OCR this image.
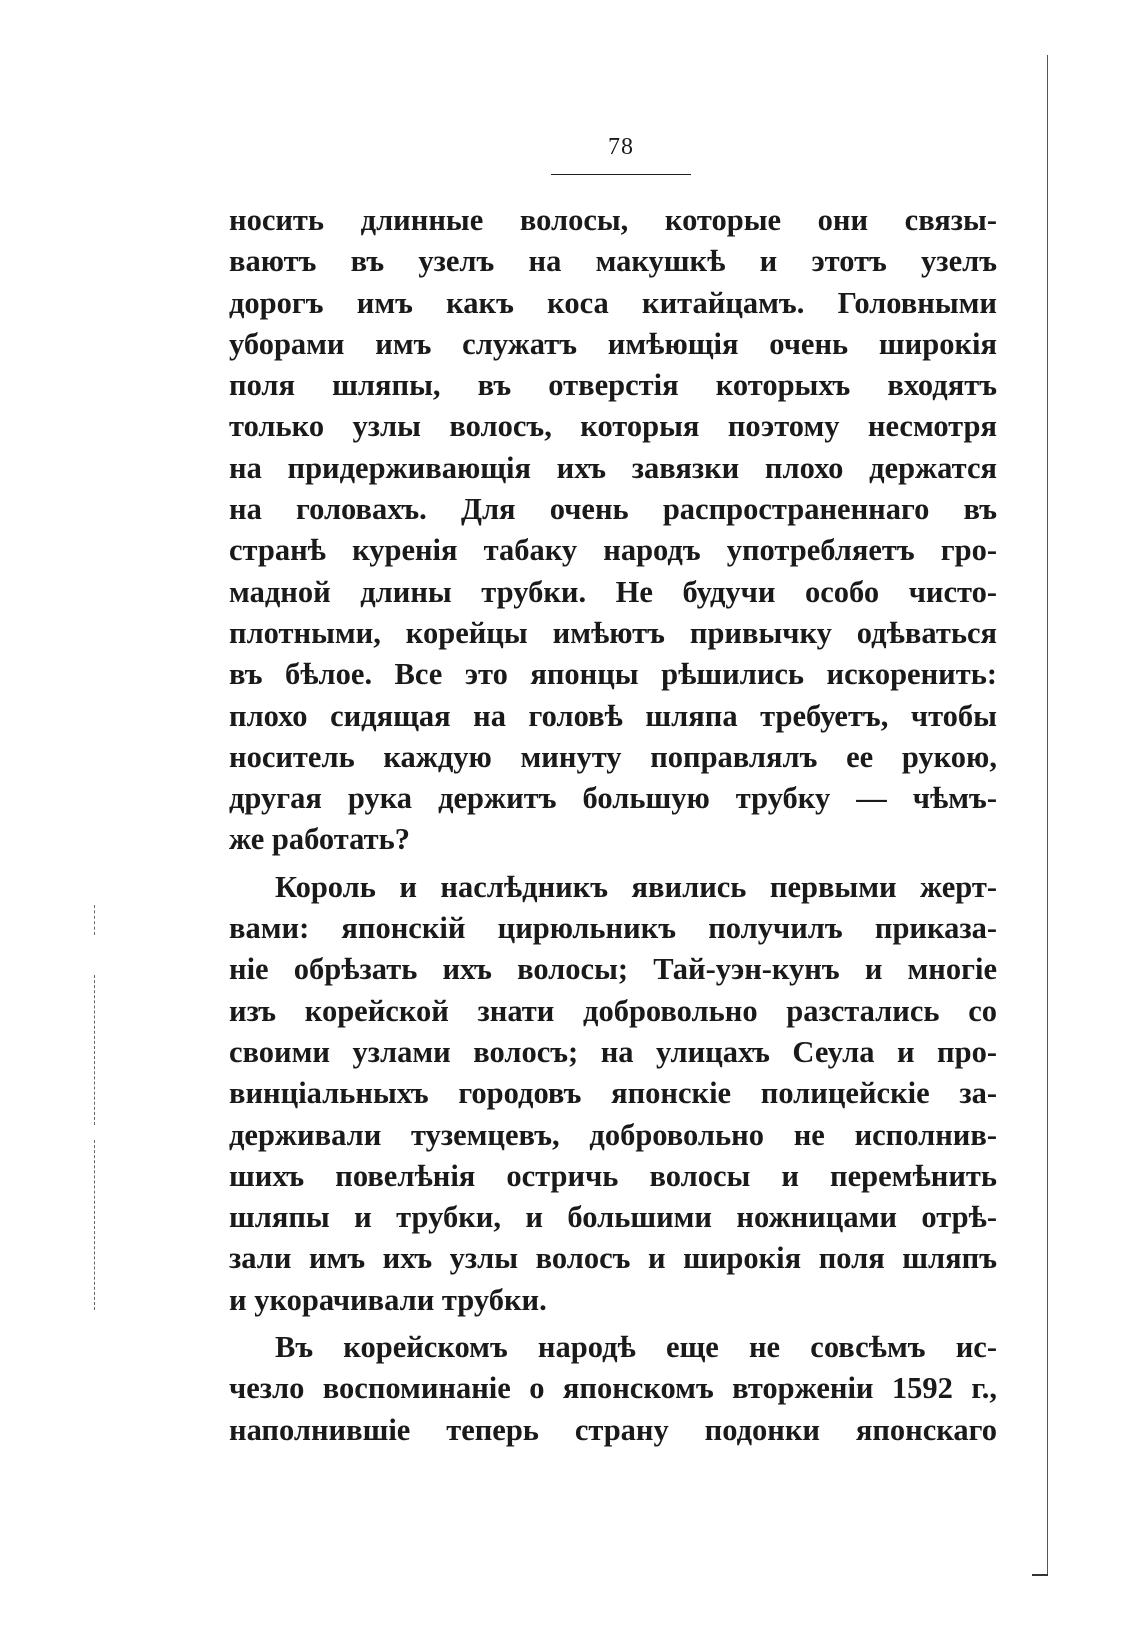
78
носить длинные волосы, которые они связы-
ваютъ въ узелъ на макушкѣ и этотъ узелъ
дорогъ имъ какъ коса китайцамъ. Головными
уборами имъ служатъ имѣющія очень широкія
поля шляпы, въ отверстія которыхъ входятъ
только узлы волосъ, которыя поэтому несмотря
на придерживающія ихъ завязки плохо держатся
на головахъ. Для очень распространеннаго въ
странѣ куренія табаку народъ употребляетъ гро-
мадной длины трубки. Не будучи особо чисто-
плотными, корейцы имѣютъ привычку одѣваться
въ бѣлое. Все это японцы рѣшились искоренить:
плохо сидящая на головѣ шляпа требуетъ, чтобы
носитель каждую минуту поправлялъ ее рукою,
другая рука держитъ большую трубку — чѣмъ-
же работать?
Король и наслѣдникъ явились первыми жерт-
вами: японскій цирюльникъ получилъ приказа-
ніе обрѣзать ихъ волосы; Тай-уэн-кунъ и многіе
изъ корейской знати добровольно разстались со
своими узлами волосъ; на улицахъ Сеула и про-
винціальныхъ городовъ японскіе полицейскіе за-
держивали туземцевъ, добровольно не исполнив-
шихъ повелѣнія остричь волосы и перемѣнить
шляпы и трубки, и большими ножницами отрѣ-
зали имъ ихъ узлы волосъ и широкія поля шляпъ
и укорачивали трубки.
Въ корейскомъ народѣ еще не совсѣмъ ис-
чезло воспоминаніе о японскомъ вторженіи 1592 г.,
наполнившіе теперь страну подонки японскаго
